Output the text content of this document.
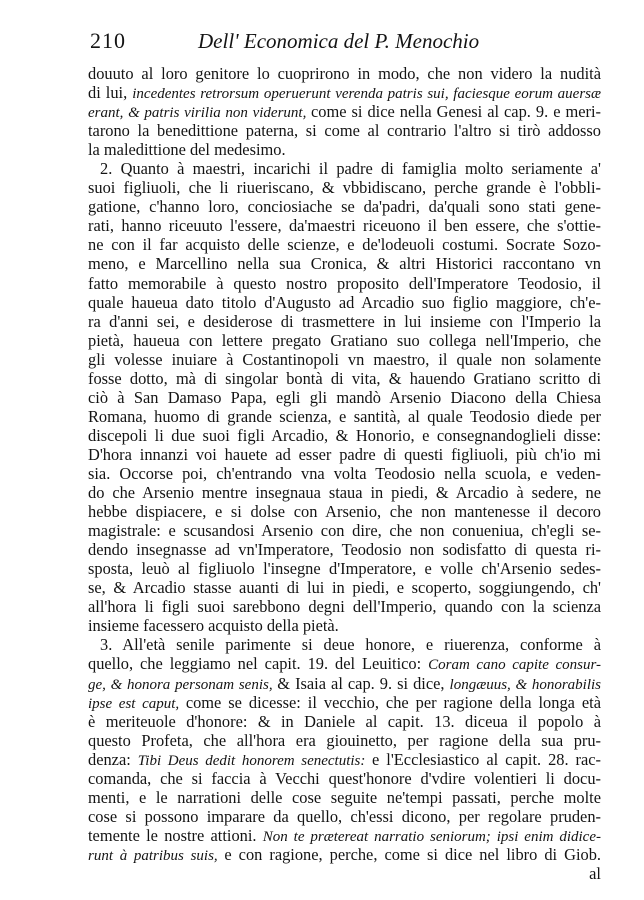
210	Dell' Economica del P. Menochio
douuto al loro genitore lo cuoprirono in modo, che non videro la nudità
di lui, incedentes retrorsum operuerunt verenda patris sui, faciesque eorum auersæ
erant, & patris virilia non viderunt, come si dice nella Genesi al cap. 9. e meri-
tarono la benedittione paterna, si come al contrario l'altro si tirò addosso
la maledittione del medesimo.
2. Quanto à maestri, incarichi il padre di famiglia molto seriamente a'
suoi figliuoli, che li riueriscano, & vbbidiscano, perche grande è l'obbli-
gatione, c'hanno loro, conciosiache se da'padri, da'quali sono stati gene-
rati, hanno riceuuto l'essere, da'maestri riceuono il ben essere, che s'ottie-
ne con il far acquisto delle scienze, e de'lodeuoli costumi. Socrate Sozo-
meno, e Marcellino nella sua Cronica, & altri Historici raccontano vn
fatto memorabile à questo nostro proposito dell'Imperatore Teodosio, il
quale haueua dato titolo d'Augusto ad Arcadio suo figlio maggiore, ch'e-
ra d'anni sei, e desiderose di trasmettere in lui insieme con l'Imperio la
pietà, haueua con lettere pregato Gratiano suo collega nell'Imperio, che
gli volesse inuiare à Costantinopoli vn maestro, il quale non solamente
fosse dotto, mà di singolar bontà di vita, & hauendo Gratiano scritto di
ciò à San Damaso Papa, egli gli mandò Arsenio Diacono della Chiesa
Romana, huomo di grande scienza, e santità, al quale Teodosio diede per
discepoli li due suoi figli Arcadio, & Honorio, e consegnandoglieli disse:
D'hora innanzi voi hauete ad esser padre di questi figliuoli, più ch'io mi
sia. Occorse poi, ch'entrando vna volta Teodosio nella scuola, e veden-
do che Arsenio mentre insegnaua staua in piedi, & Arcadio à sedere, ne
hebbe dispiacere, e si dolse con Arsenio, che non mantenesse il decoro
magistrale: e scusandosi Arsenio con dire, che non conueniua, ch'egli se-
dendo insegnasse ad vn'Imperatore, Teodosio non sodisfatto di questa ri-
sposta, leuò al figliuolo l'insegne d'Imperatore, e volle ch'Arsenio sedes-
se, & Arcadio stasse auanti di lui in piedi, e scoperto, soggiungendo, ch'
all'hora li figli suoi sarebbono degni dell'Imperio, quando con la scienza
insieme facessero acquisto della pietà.
3. All'età senile parimente si deue honore, e riuerenza, conforme à
quello, che leggiamo nel capit. 19. del Leuitico: Coram cano capite consur-
ge, & honora personam senis, & Isaia al cap. 9. si dice, longæuus, & honorabilis
ipse est caput, come se dicesse: il vecchio, che per ragione della longa età
è meriteuole d'honore: & in Daniele al capit. 13. diceua il popolo à
questo Profeta, che all'hora era giouinetto, per ragione della sua pru-
denza: Tibi Deus dedit honorem senectutis: e l'Ecclesiastico al capit. 28. rac-
comanda, che si faccia à Vecchi quest'honore d'vdire volentieri li docu-
menti, e le narrationi delle cose seguite ne'tempi passati, perche molte
cose si possono imparare da quello, ch'essi dicono, per regolare pruden-
temente le nostre attioni. Non te prætereat narratio seniorum; ipsi enim didice-
runt à patribus suis, e con ragione, perche, come si dice nel libro di Giob.
al
